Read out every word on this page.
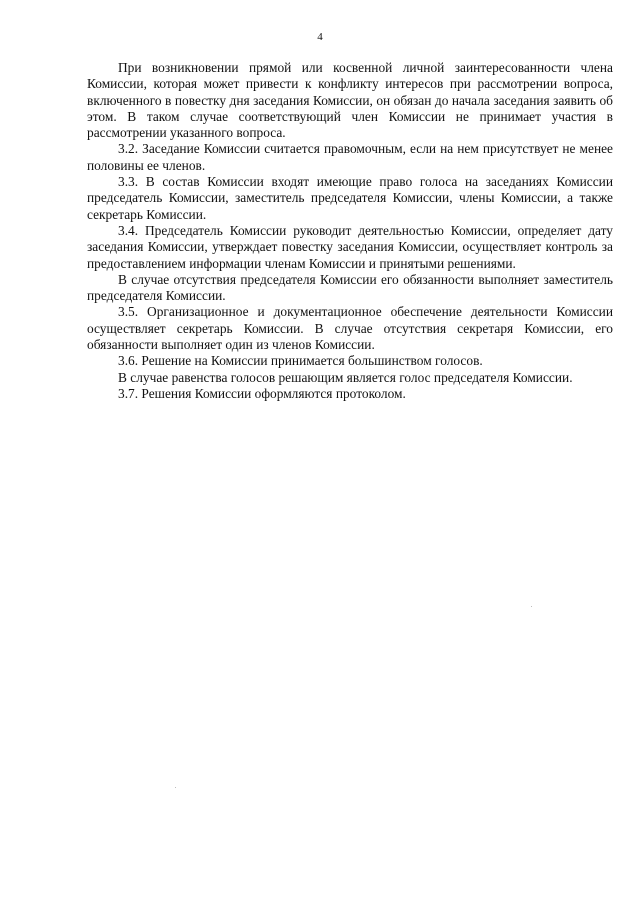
4

При возникновении прямой или косвенной личной заинтересованности члена Комиссии, которая может привести к конфликту интересов при рассмотрении вопроса, включенного в повестку дня заседания Комиссии, он обязан до начала заседания заявить об этом. В таком случае соответствующий член Комиссии не принимает участия в рассмотрении указанного вопроса.

3.2. Заседание Комиссии считается правомочным, если на нем присутствует не менее половины ее членов.

3.3. В состав Комиссии входят имеющие право голоса на заседаниях Комиссии председатель Комиссии, заместитель председателя Комиссии, члены Комиссии, а также секретарь Комиссии.

3.4. Председатель Комиссии руководит деятельностью Комиссии, определяет дату заседания Комиссии, утверждает повестку заседания Комиссии, осуществляет контроль за предоставлением информации членам Комиссии и принятыми решениями.

В случае отсутствия председателя Комиссии его обязанности выполняет заместитель председателя Комиссии.

3.5. Организационное и документационное обеспечение деятельности Комиссии осуществляет секретарь Комиссии. В случае отсутствия секретаря Комиссии, его обязанности выполняет один из членов Комиссии.

3.6. Решение на Комиссии принимается большинством голосов.

В случае равенства голосов решающим является голос председателя Комиссии.

3.7. Решения Комиссии оформляются протоколом.
